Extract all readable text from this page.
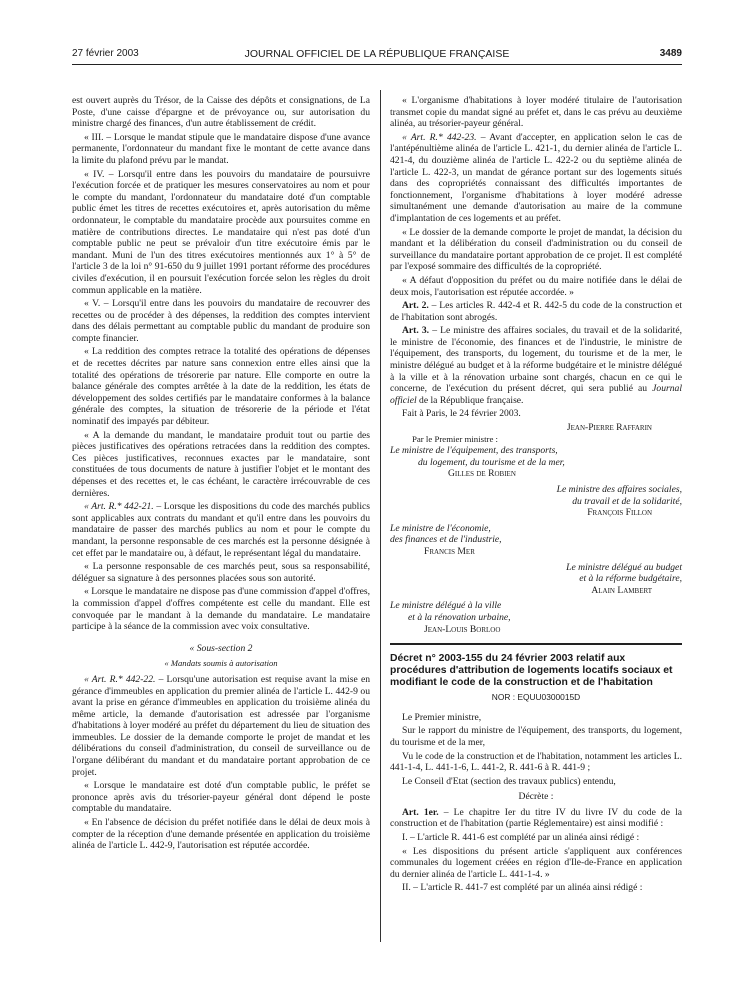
27 février 2003	JOURNAL OFFICIEL DE LA RÉPUBLIQUE FRANÇAISE	3489

est ouvert auprès du Trésor, de la Caisse des dépôts et consignations, de La Poste, d'une caisse d'épargne et de prévoyance ou, sur autorisation du ministre chargé des finances, d'un autre établissement de crédit.

« III. – Lorsque le mandat stipule que le mandataire dispose d'une avance permanente, l'ordonnateur du mandant fixe le montant de cette avance dans la limite du plafond prévu par le mandat.

« IV. – Lorsqu'il entre dans les pouvoirs du mandataire de poursuivre l'exécution forcée et de pratiquer les mesures conservatoires au nom et pour le compte du mandant, l'ordonnateur du mandataire doté d'un comptable public émet les titres de recettes exécutoires et, après autorisation du même ordonnateur, le comptable du mandataire procède aux poursuites comme en matière de contributions directes. Le mandataire qui n'est pas doté d'un comptable public ne peut se prévaloir d'un titre exécutoire émis par le mandant. Muni de l'un des titres exécutoires mentionnés aux 1° à 5° de l'article 3 de la loi n° 91-650 du 9 juillet 1991 portant réforme des procédures civiles d'exécution, il en poursuit l'exécution forcée selon les règles du droit commun applicable en la matière.

« V. – Lorsqu'il entre dans les pouvoirs du mandataire de recouvrer des recettes ou de procéder à des dépenses, la reddition des comptes intervient dans des délais permettant au comptable public du mandant de produire son compte financier.

« La reddition des comptes retrace la totalité des opérations de dépenses et de recettes décrites par nature sans connexion entre elles ainsi que la totalité des opérations de trésorerie par nature. Elle comporte en outre la balance générale des comptes arrêtée à la date de la reddition, les états de développement des soldes certifiés par le mandataire conformes à la balance générale des comptes, la situation de trésorerie de la période et l'état nominatif des impayés par débiteur.

« A la demande du mandant, le mandataire produit tout ou partie des pièces justificatives des opérations retracées dans la reddition des comptes. Ces pièces justificatives, reconnues exactes par le mandataire, sont constituées de tous documents de nature à justifier l'objet et le montant des dépenses et des recettes et, le cas échéant, le caractère irrécouvrable de ces dernières.

« Art. R.* 442-21. – Lorsque les dispositions du code des marchés publics sont applicables aux contrats du mandant et qu'il entre dans les pouvoirs du mandataire de passer des marchés publics au nom et pour le compte du mandant, la personne responsable de ces marchés est la personne désignée à cet effet par le mandataire ou, à défaut, le représentant légal du mandataire.

« La personne responsable de ces marchés peut, sous sa responsabilité, déléguer sa signature à des personnes placées sous son autorité.

« Lorsque le mandataire ne dispose pas d'une commission d'appel d'offres, la commission d'appel d'offres compétente est celle du mandant. Elle est convoquée par le mandant à la demande du mandataire. Le mandataire participe à la séance de la commission avec voix consultative.

« Sous-section 2

« Mandats soumis à autorisation

« Art. R.* 442-22. – Lorsqu'une autorisation est requise avant la mise en gérance d'immeubles en application du premier alinéa de l'article L. 442-9 ou avant la prise en gérance d'immeubles en application du troisième alinéa du même article, la demande d'autorisation est adressée par l'organisme d'habitations à loyer modéré au préfet du département du lieu de situation des immeubles. Le dossier de la demande comporte le projet de mandat et les délibérations du conseil d'administration, du conseil de surveillance ou de l'organe délibérant du mandant et du mandataire portant approbation de ce projet.

« Lorsque le mandataire est doté d'un comptable public, le préfet se prononce après avis du trésorier-payeur général dont dépend le poste comptable du mandataire.

« En l'absence de décision du préfet notifiée dans le délai de deux mois à compter de la réception d'une demande présentée en application du troisième alinéa de l'article L. 442-9, l'autorisation est réputée accordée.

« L'organisme d'habitations à loyer modéré titulaire de l'autorisation transmet copie du mandat signé au préfet et, dans le cas prévu au deuxième alinéa, au trésorier-payeur général.

« Art. R.* 442-23. – Avant d'accepter, en application selon le cas de l'antépénultième alinéa de l'article L. 421-1, du dernier alinéa de l'article L. 421-4, du douzième alinéa de l'article L. 422-2 ou du septième alinéa de l'article L. 422-3, un mandat de gérance portant sur des logements situés dans des copropriétés connaissant des difficultés importantes de fonctionnement, l'organisme d'habitations à loyer modéré adresse simultanément une demande d'autorisation au maire de la commune d'implantation de ces logements et au préfet.

« Le dossier de la demande comporte le projet de mandat, la décision du mandant et la délibération du conseil d'administration ou du conseil de surveillance du mandataire portant approbation de ce projet. Il est complété par l'exposé sommaire des difficultés de la copropriété.

« A défaut d'opposition du préfet ou du maire notifiée dans le délai de deux mois, l'autorisation est réputée accordée. »

Art. 2. – Les articles R. 442-4 et R. 442-5 du code de la construction et de l'habitation sont abrogés.

Art. 3. – Le ministre des affaires sociales, du travail et de la solidarité, le ministre de l'économie, des finances et de l'industrie, le ministre de l'équipement, des transports, du logement, du tourisme et de la mer, le ministre délégué au budget et à la réforme budgétaire et le ministre délégué à la ville et à la rénovation urbaine sont chargés, chacun en ce qui le concerne, de l'exécution du présent décret, qui sera publié au Journal officiel de la République française.

Fait à Paris, le 24 février 2003.

Jean-Pierre Raffarin

Par le Premier ministre :

Le ministre de l'équipement, des transports,

du logement, du tourisme et de la mer,

Gilles de Robien

Le ministre des affaires sociales,

du travail et de la solidarité,

François Fillon

Le ministre de l'économie,

des finances et de l'industrie,

Francis Mer

Le ministre délégué au budget

et à la réforme budgétaire,

Alain Lambert

Le ministre délégué à la ville

et à la rénovation urbaine,

Jean-Louis Borloo

Décret n° 2003-155 du 24 février 2003 relatif aux procédures d'attribution de logements locatifs sociaux et modifiant le code de la construction et de l'habitation

NOR : EQUU0300015D

Le Premier ministre,

Sur le rapport du ministre de l'équipement, des transports, du logement, du tourisme et de la mer,

Vu le code de la construction et de l'habitation, notamment les articles L. 441-1-4, L. 441-1-6, L. 441-2, R. 441-6 à R. 441-9 ;

Le Conseil d'Etat (section des travaux publics) entendu,

Décrète :

Art. 1er. – Le chapitre Ier du titre IV du livre IV du code de la construction et de l'habitation (partie Réglementaire) est ainsi modifié :

I. – L'article R. 441-6 est complété par un alinéa ainsi rédigé :

« Les dispositions du présent article s'appliquent aux conférences communales du logement créées en région d'Ile-de-France en application du dernier alinéa de l'article L. 441-1-4. »

II. – L'article R. 441-7 est complété par un alinéa ainsi rédigé :
